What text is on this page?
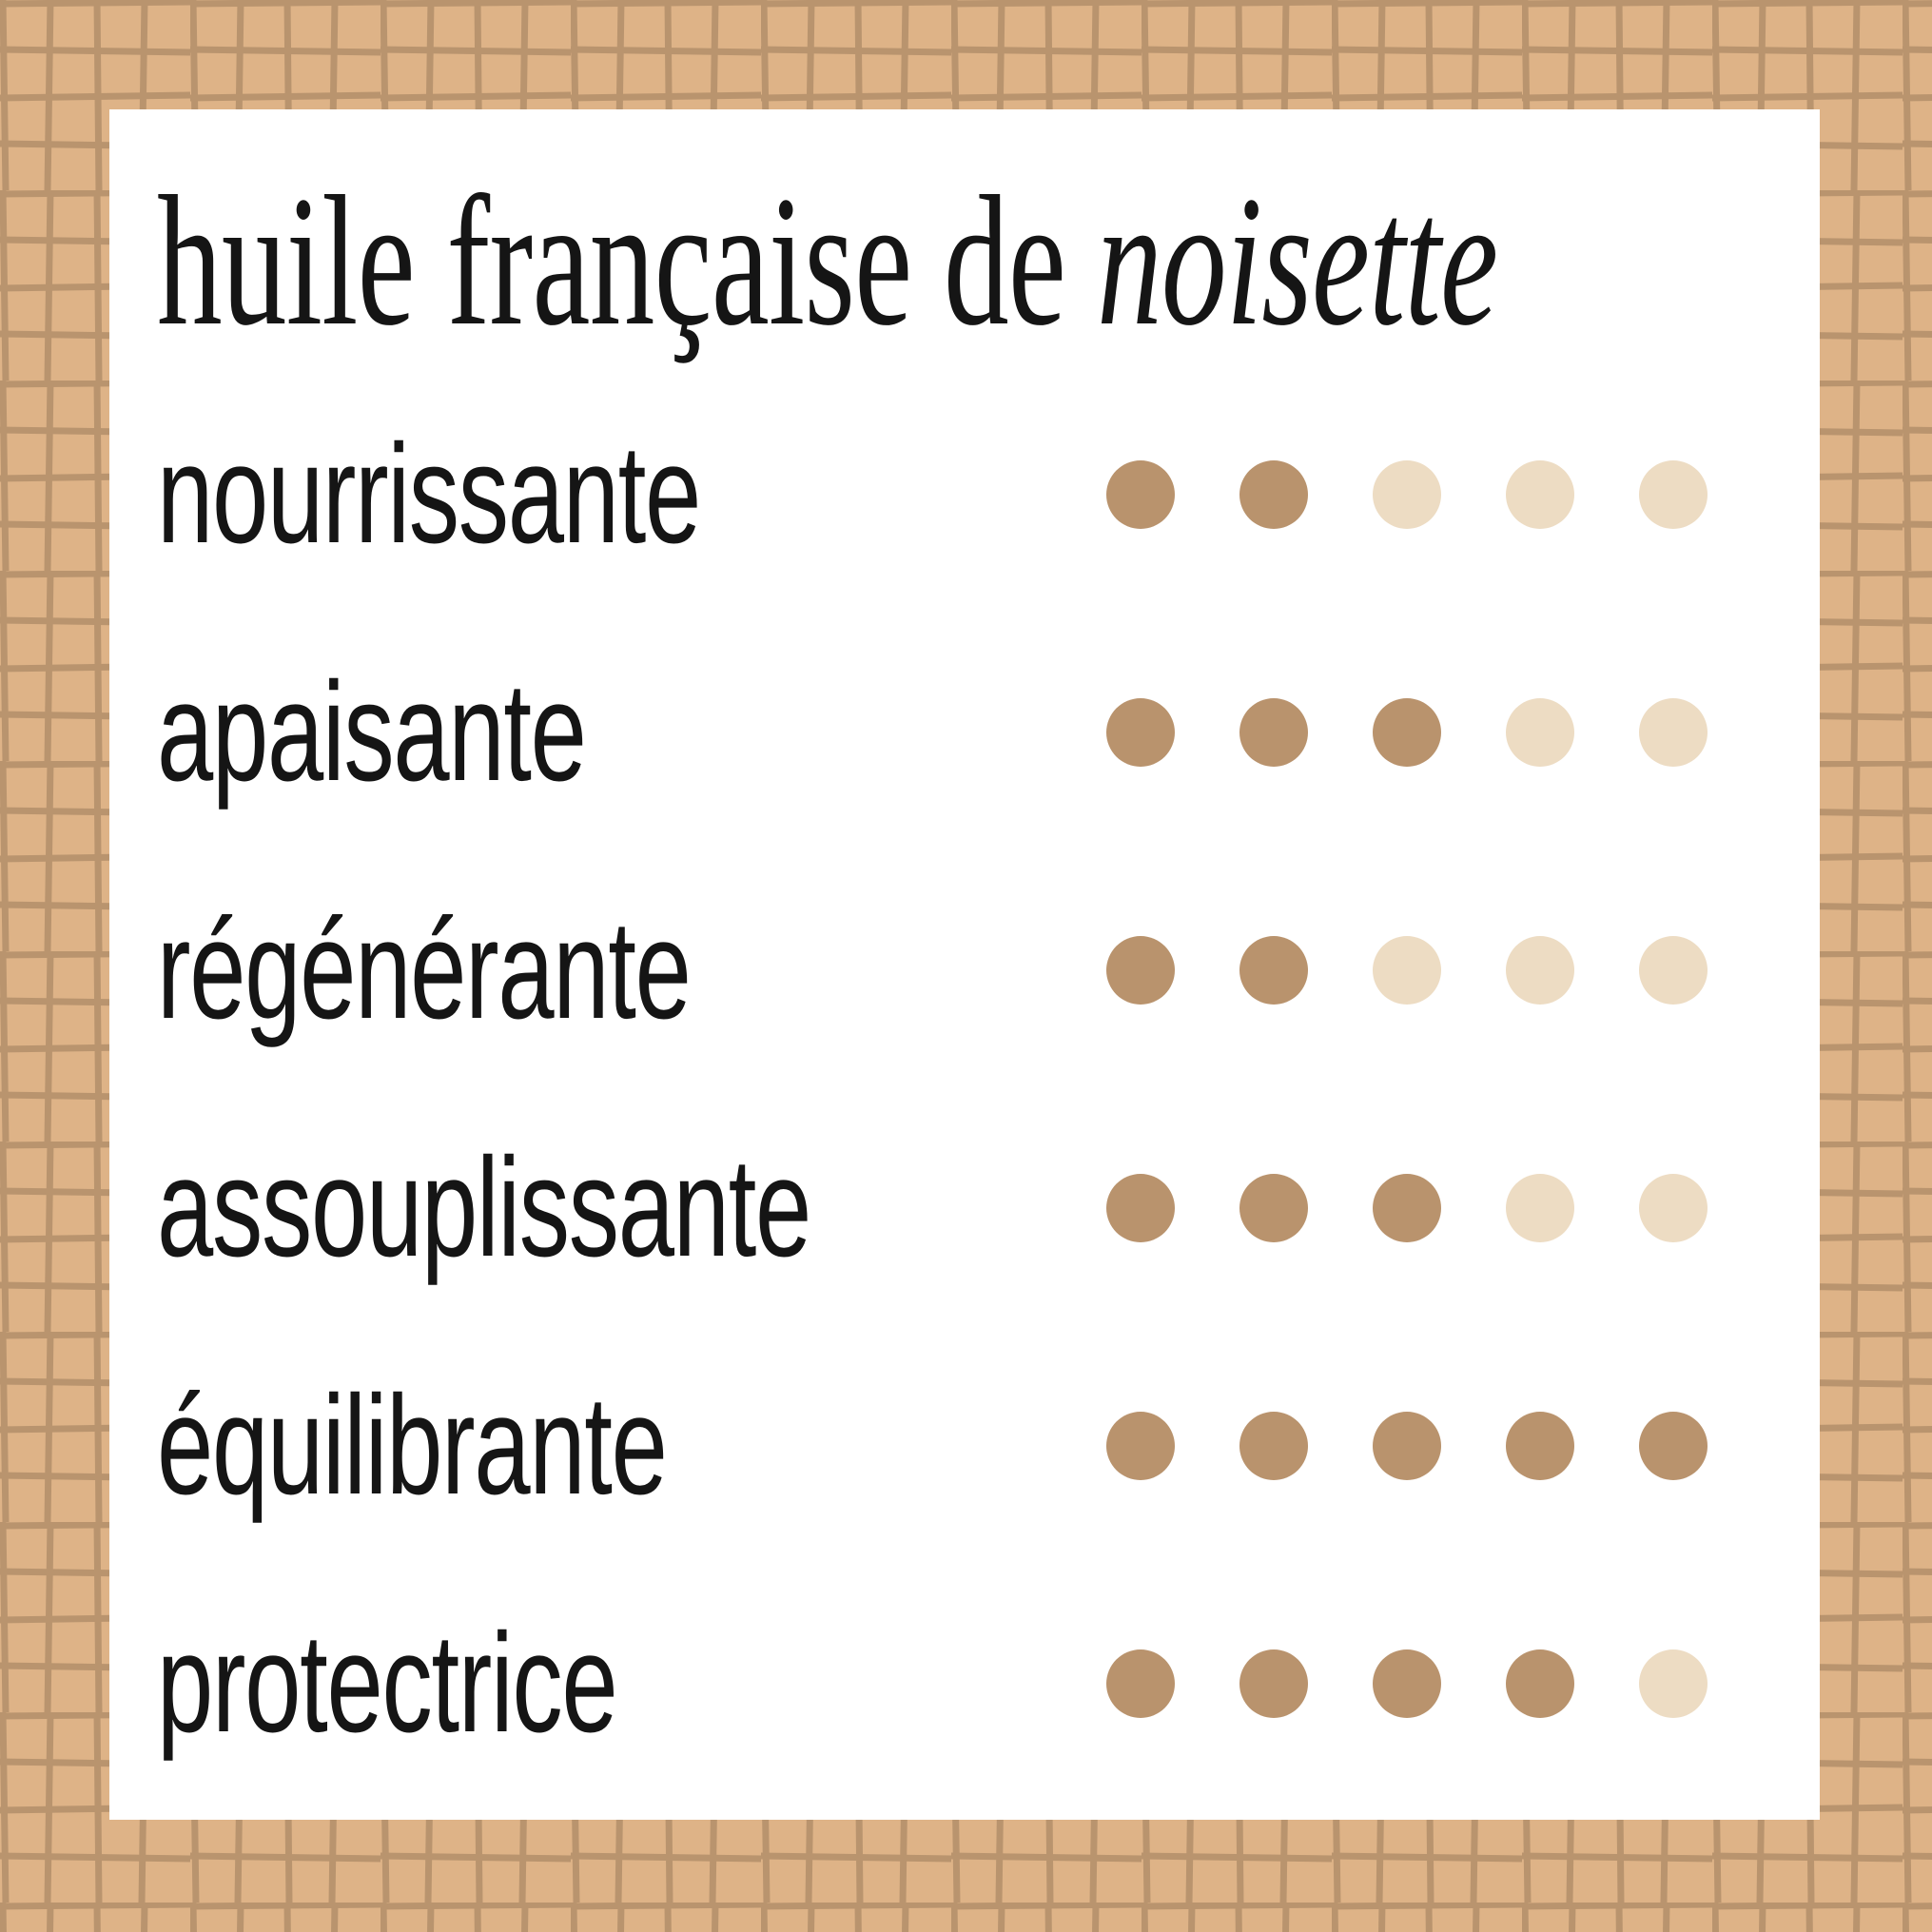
huile française de noisette
nourrissante
apaisante
régénérante
assouplissante
équilibrante
protectrice
